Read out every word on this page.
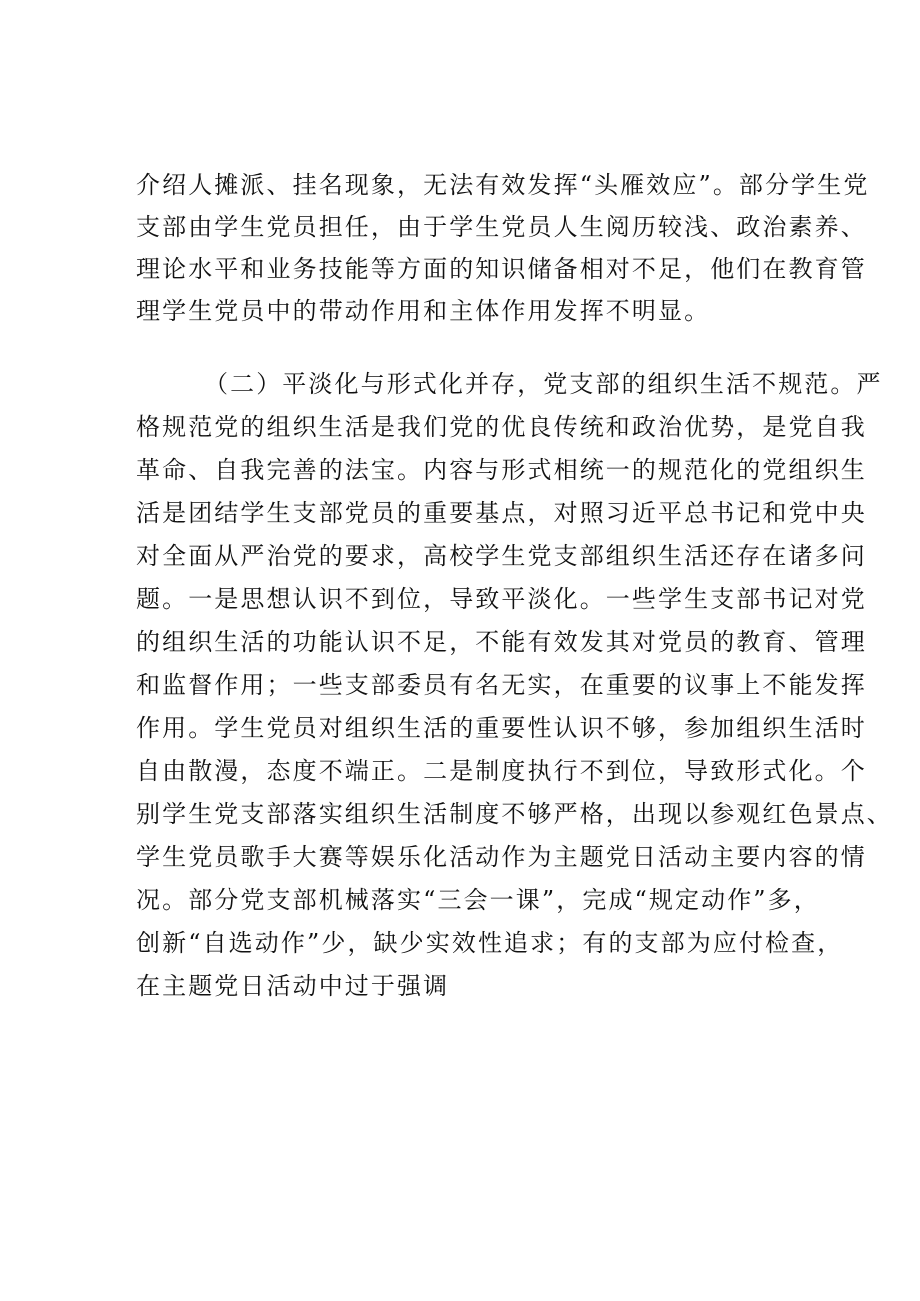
介绍人摊派、挂名现象，无法有效发挥“头雁效应”。部分学生党
支部由学生党员担任，由于学生党员人生阅历较浅、政治素养、
理论水平和业务技能等方面的知识储备相对不足，他们在教育管
理学生党员中的带动作用和主体作用发挥不明显。
（二）平淡化与形式化并存，党支部的组织生活不规范。严
格规范党的组织生活是我们党的优良传统和政治优势，是党自我
革命、自我完善的法宝。内容与形式相统一的规范化的党组织生
活是团结学生支部党员的重要基点，对照习近平总书记和党中央
对全面从严治党的要求，高校学生党支部组织生活还存在诸多问
题。一是思想认识不到位，导致平淡化。一些学生支部书记对党
的组织生活的功能认识不足，不能有效发其对党员的教育、管理
和监督作用；一些支部委员有名无实，在重要的议事上不能发挥
作用。学生党员对组织生活的重要性认识不够，参加组织生活时
自由散漫，态度不端正。二是制度执行不到位，导致形式化。个
别学生党支部落实组织生活制度不够严格，出现以参观红色景点、
学生党员歌手大赛等娱乐化活动作为主题党日活动主要内容的情
况。部分党支部机械落实“三会一课”，完成“规定动作”多，
创新“自选动作”少，缺少实效性追求；有的支部为应付检查，
在主题党日活动中过于强调
